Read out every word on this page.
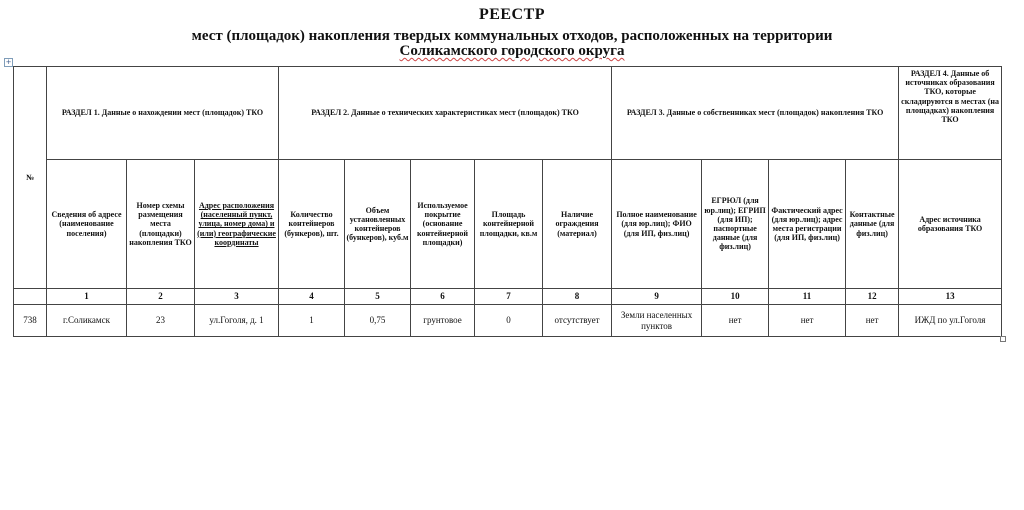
РЕЕСТР
мест (площадок) накопления твердых коммунальных отходов, расположенных на территории
Соликамского городского округа
+
№	РАЗДЕЛ 1. Данные о нахождении мест (площадок) ТКО			РАЗДЕЛ 2. Данные о технических характеристиках мест (площадок) ТКО					РАЗДЕЛ 3. Данные о собственниках мест (площадок) накопления ТКО				РАЗДЕЛ 4. Данные об источниках образования ТКО, которые складируются в местах (на площадках) накопления ТКО
	Сведения об адресе (наименование поселения)	Номер схемы размещения места (площадки) накопления ТКО	Адрес расположения (населенный пункт, улица, номер дома) и (или) географические координаты	Количество контейнеров (бункеров), шт.	Объем установленных контейнеров (бункеров), куб.м	Используемое покрытие (основание контейнерной площадки)	Площадь контейнерной площадки, кв.м	Наличие ограждения (материал)	Полное наименование (для юр.лиц); ФИО (для ИП, физ.лиц)	ЕГРЮЛ (для юр.лиц); ЕГРИП (для ИП); паспортные данные (для физ.лиц)	Фактический адрес (для юр.лиц); адрес места регистрации (для ИП, физ.лиц)	Контактные данные (для физ.лиц)	Адрес источника образования ТКО
	1	2	3	4	5	6	7	8	9	10	11	12	13
738	г.Соликамск	23	ул.Гоголя, д. 1	1	0,75	грунтовое	0	отсутствует	Земли населенных пунктов	нет	нет	нет	ИЖД по ул.Гоголя
